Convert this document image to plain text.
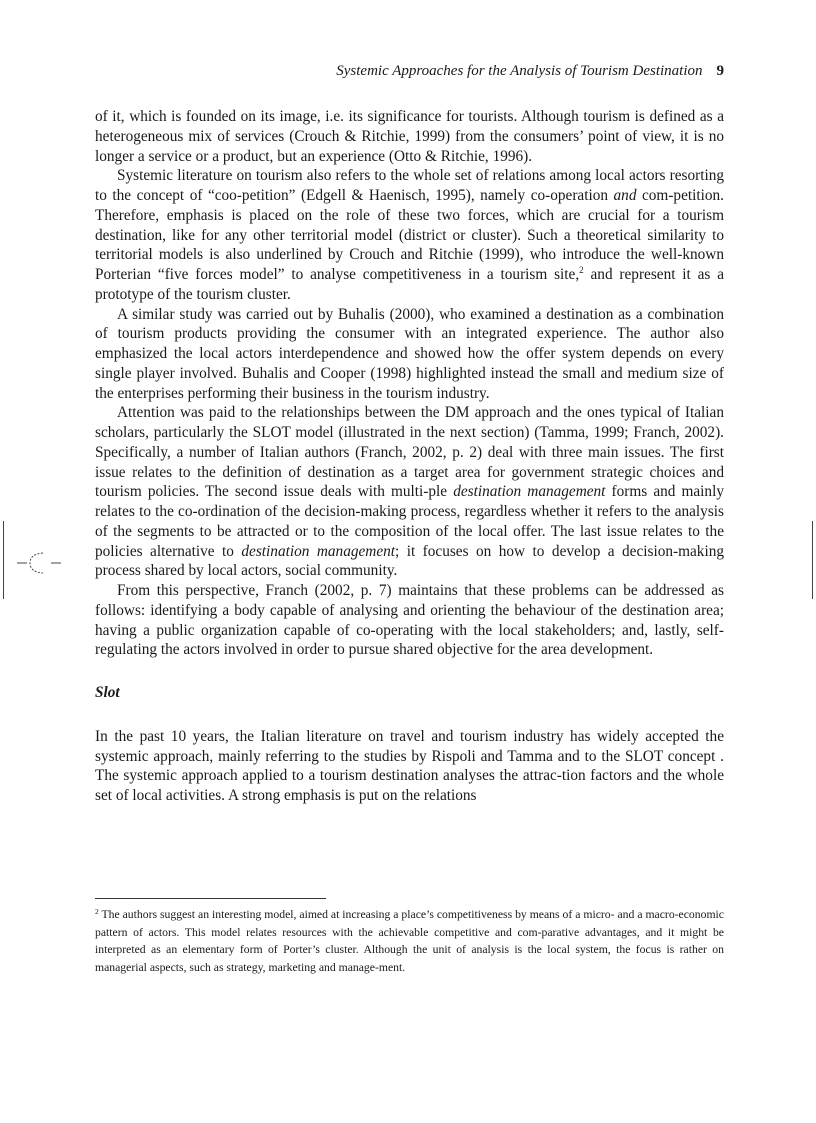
Systemic Approaches for the Analysis of Tourism Destination 9

of it, which is founded on its image, i.e. its significance for tourists. Although tourism is defined as a heterogeneous mix of services (Crouch & Ritchie, 1999) from the consumers’ point of view, it is no longer a service or a product, but an experience (Otto & Ritchie, 1996).

Systemic literature on tourism also refers to the whole set of relations among local actors resorting to the concept of “coo-petition” (Edgell & Haenisch, 1995), namely co-operation and com-petition. Therefore, emphasis is placed on the role of these two forces, which are crucial for a tourism destination, like for any other territorial model (district or cluster). Such a theoretical similarity to territorial models is also underlined by Crouch and Ritchie (1999), who introduce the well-known Porterian “five forces model” to analyse competitiveness in a tourism site,$^2$ and represent it as a prototype of the tourism cluster.

A similar study was carried out by Buhalis (2000), who examined a destination as a combination of tourism products providing the consumer with an integrated experience. The author also emphasized the local actors interdependence and showed how the offer system depends on every single player involved. Buhalis and Cooper (1998) highlighted instead the small and medium size of the enterprises performing their business in the tourism industry.

Attention was paid to the relationships between the DM approach and the ones typical of Italian scholars, particularly the SLOT model (illustrated in the next section) (Tamma, 1999; Franch, 2002). Specifically, a number of Italian authors (Franch, 2002, p. 2) deal with three main issues. The first issue relates to the definition of destination as a target area for government strategic choices and tourism policies. The second issue deals with multi-ple destination management forms and mainly relates to the co-ordination of the decision-making process, regardless whether it refers to the analysis of the segments to be attracted or to the composition of the local offer. The last issue relates to the policies alternative to destination management; it focuses on how to develop a decision-making process shared by local actors, social community.

From this perspective, Franch (2002, p. 7) maintains that these problems can be addressed as follows: identifying a body capable of analysing and orienting the behaviour of the destination area; having a public organization capable of co-operating with the local stakeholders; and, lastly, self-regulating the actors involved in order to pursue shared objective for the area development.

Slot

In the past 10 years, the Italian literature on travel and tourism industry has widely accepted the systemic approach, mainly referring to the studies by Rispoli and Tamma and to the SLOT concept . The systemic approach applied to a tourism destination analyses the attrac-tion factors and the whole set of local activities. A strong emphasis is put on the relations

$^2$ The authors suggest an interesting model, aimed at increasing a place’s competitiveness by means of a micro- and a macro-economic pattern of actors. This model relates resources with the achievable competitive and com-parative advantages, and it might be interpreted as an elementary form of Porter’s cluster. Although the unit of analysis is the local system, the focus is rather on managerial aspects, such as strategy, marketing and manage-ment.
